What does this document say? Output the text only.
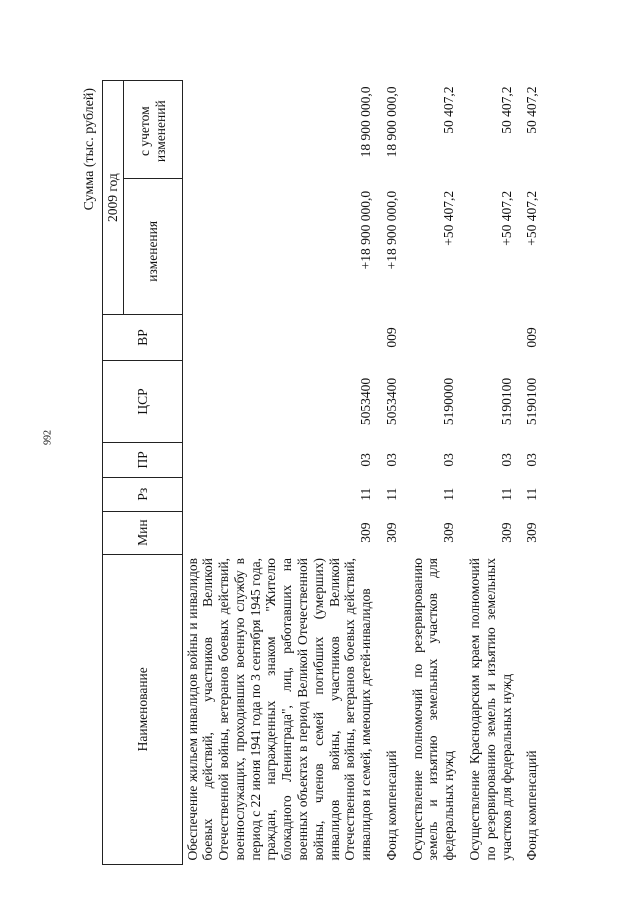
992
Сумма (тыс. рублей)
Наименование	Мин	Рз	ПР	ЦСР	ВР	2009 год	
						изменения	с учетом изменений
Обеспечение жильем инвалидов войны и инвалидов боевых действий, участников Великой Отечественной войны, ветеранов боевых действий, военнослужащих, проходивших военную службу в период с 22 июня 1941 года по 3 сентября 1945 года, граждан, награжденных знаком "Жителю блокадного Ленинграда", лиц, работавших на военных объектах в период Великой Отечественной войны, членов семей погибших (умерших) инвалидов войны, участников Великой Отечественной войны, ветеранов боевых действий, инвалидов и семей, имеющих детей-инвалидов	309	11	03	5053400		+18 900 000,0	18 900 000,0
Фонд компенсаций	309	11	03	5053400	009	+18 900 000,0	18 900 000,0
Осуществление полномочий по резервированию земель и изъятию земельных участков для федеральных нужд	309	11	03	5190000		+50 407,2	50 407,2
Осуществление Краснодарским краем полномочий по резервированию земель и изъятию земельных участков для федеральных нужд	309	11	03	5190100		+50 407,2	50 407,2
Фонд компенсаций	309	11	03	5190100	009	+50 407,2	50 407,2
